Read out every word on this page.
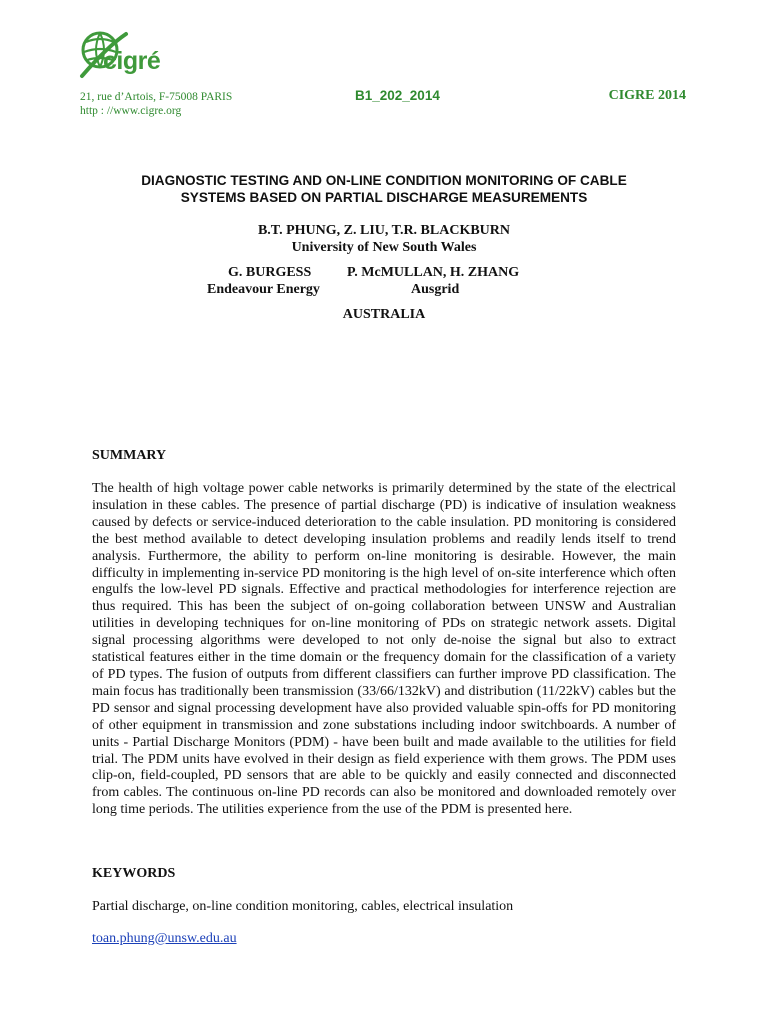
cigré
21, rue d’Artois, F-75008 PARIS
http : //www.cigre.org
B1_202_2014	CIGRE 2014
DIAGNOSTIC TESTING AND ON-LINE CONDITION MONITORING OF CABLE
SYSTEMS BASED ON PARTIAL DISCHARGE MEASUREMENTS
B.T. PHUNG, Z. LIU, T.R. BLACKBURN
University of New South Wales
G. BURGESS
Endeavour Energy
P. McMULLAN, H. ZHANG
Ausgrid
AUSTRALIA
SUMMARY

The health of high voltage power cable networks is primarily determined by the state of the electrical insulation in these cables. The presence of partial discharge (PD) is indicative of insulation weakness caused by defects or service-induced deterioration to the cable insulation. PD monitoring is considered the best method available to detect developing insulation problems and readily lends itself to trend analysis. Furthermore, the ability to perform on-line monitoring is desirable. However, the main difficulty in implementing in-service PD monitoring is the high level of on-site interference which often engulfs the low-level PD signals. Effective and practical methodologies for interference rejection are thus required. This has been the subject of on-going collaboration between UNSW and Australian utilities in developing techniques for on-line monitoring of PDs on strategic network assets. Digital signal processing algorithms were developed to not only de-noise the signal but also to extract statistical features either in the time domain or the frequency domain for the classification of a variety of PD types. The fusion of outputs from different classifiers can further improve PD classification. The main focus has traditionally been transmission (33/66/132kV) and distribution (11/22kV) cables but the PD sensor and signal processing development have also provided valuable spin-offs for PD monitoring of other equipment in transmission and zone substations including indoor switchboards. A number of units - Partial Discharge Monitors (PDM) - have been built and made available to the utilities for field trial. The PDM units have evolved in their design as field experience with them grows. The PDM uses clip-on, field-coupled, PD sensors that are able to be quickly and easily connected and disconnected from cables. The continuous on-line PD records can also be monitored and downloaded remotely over long time periods. The utilities experience from the use of the PDM is presented here.

KEYWORDS
Partial discharge, on-line condition monitoring, cables, electrical insulation
toan.phung@unsw.edu.au
